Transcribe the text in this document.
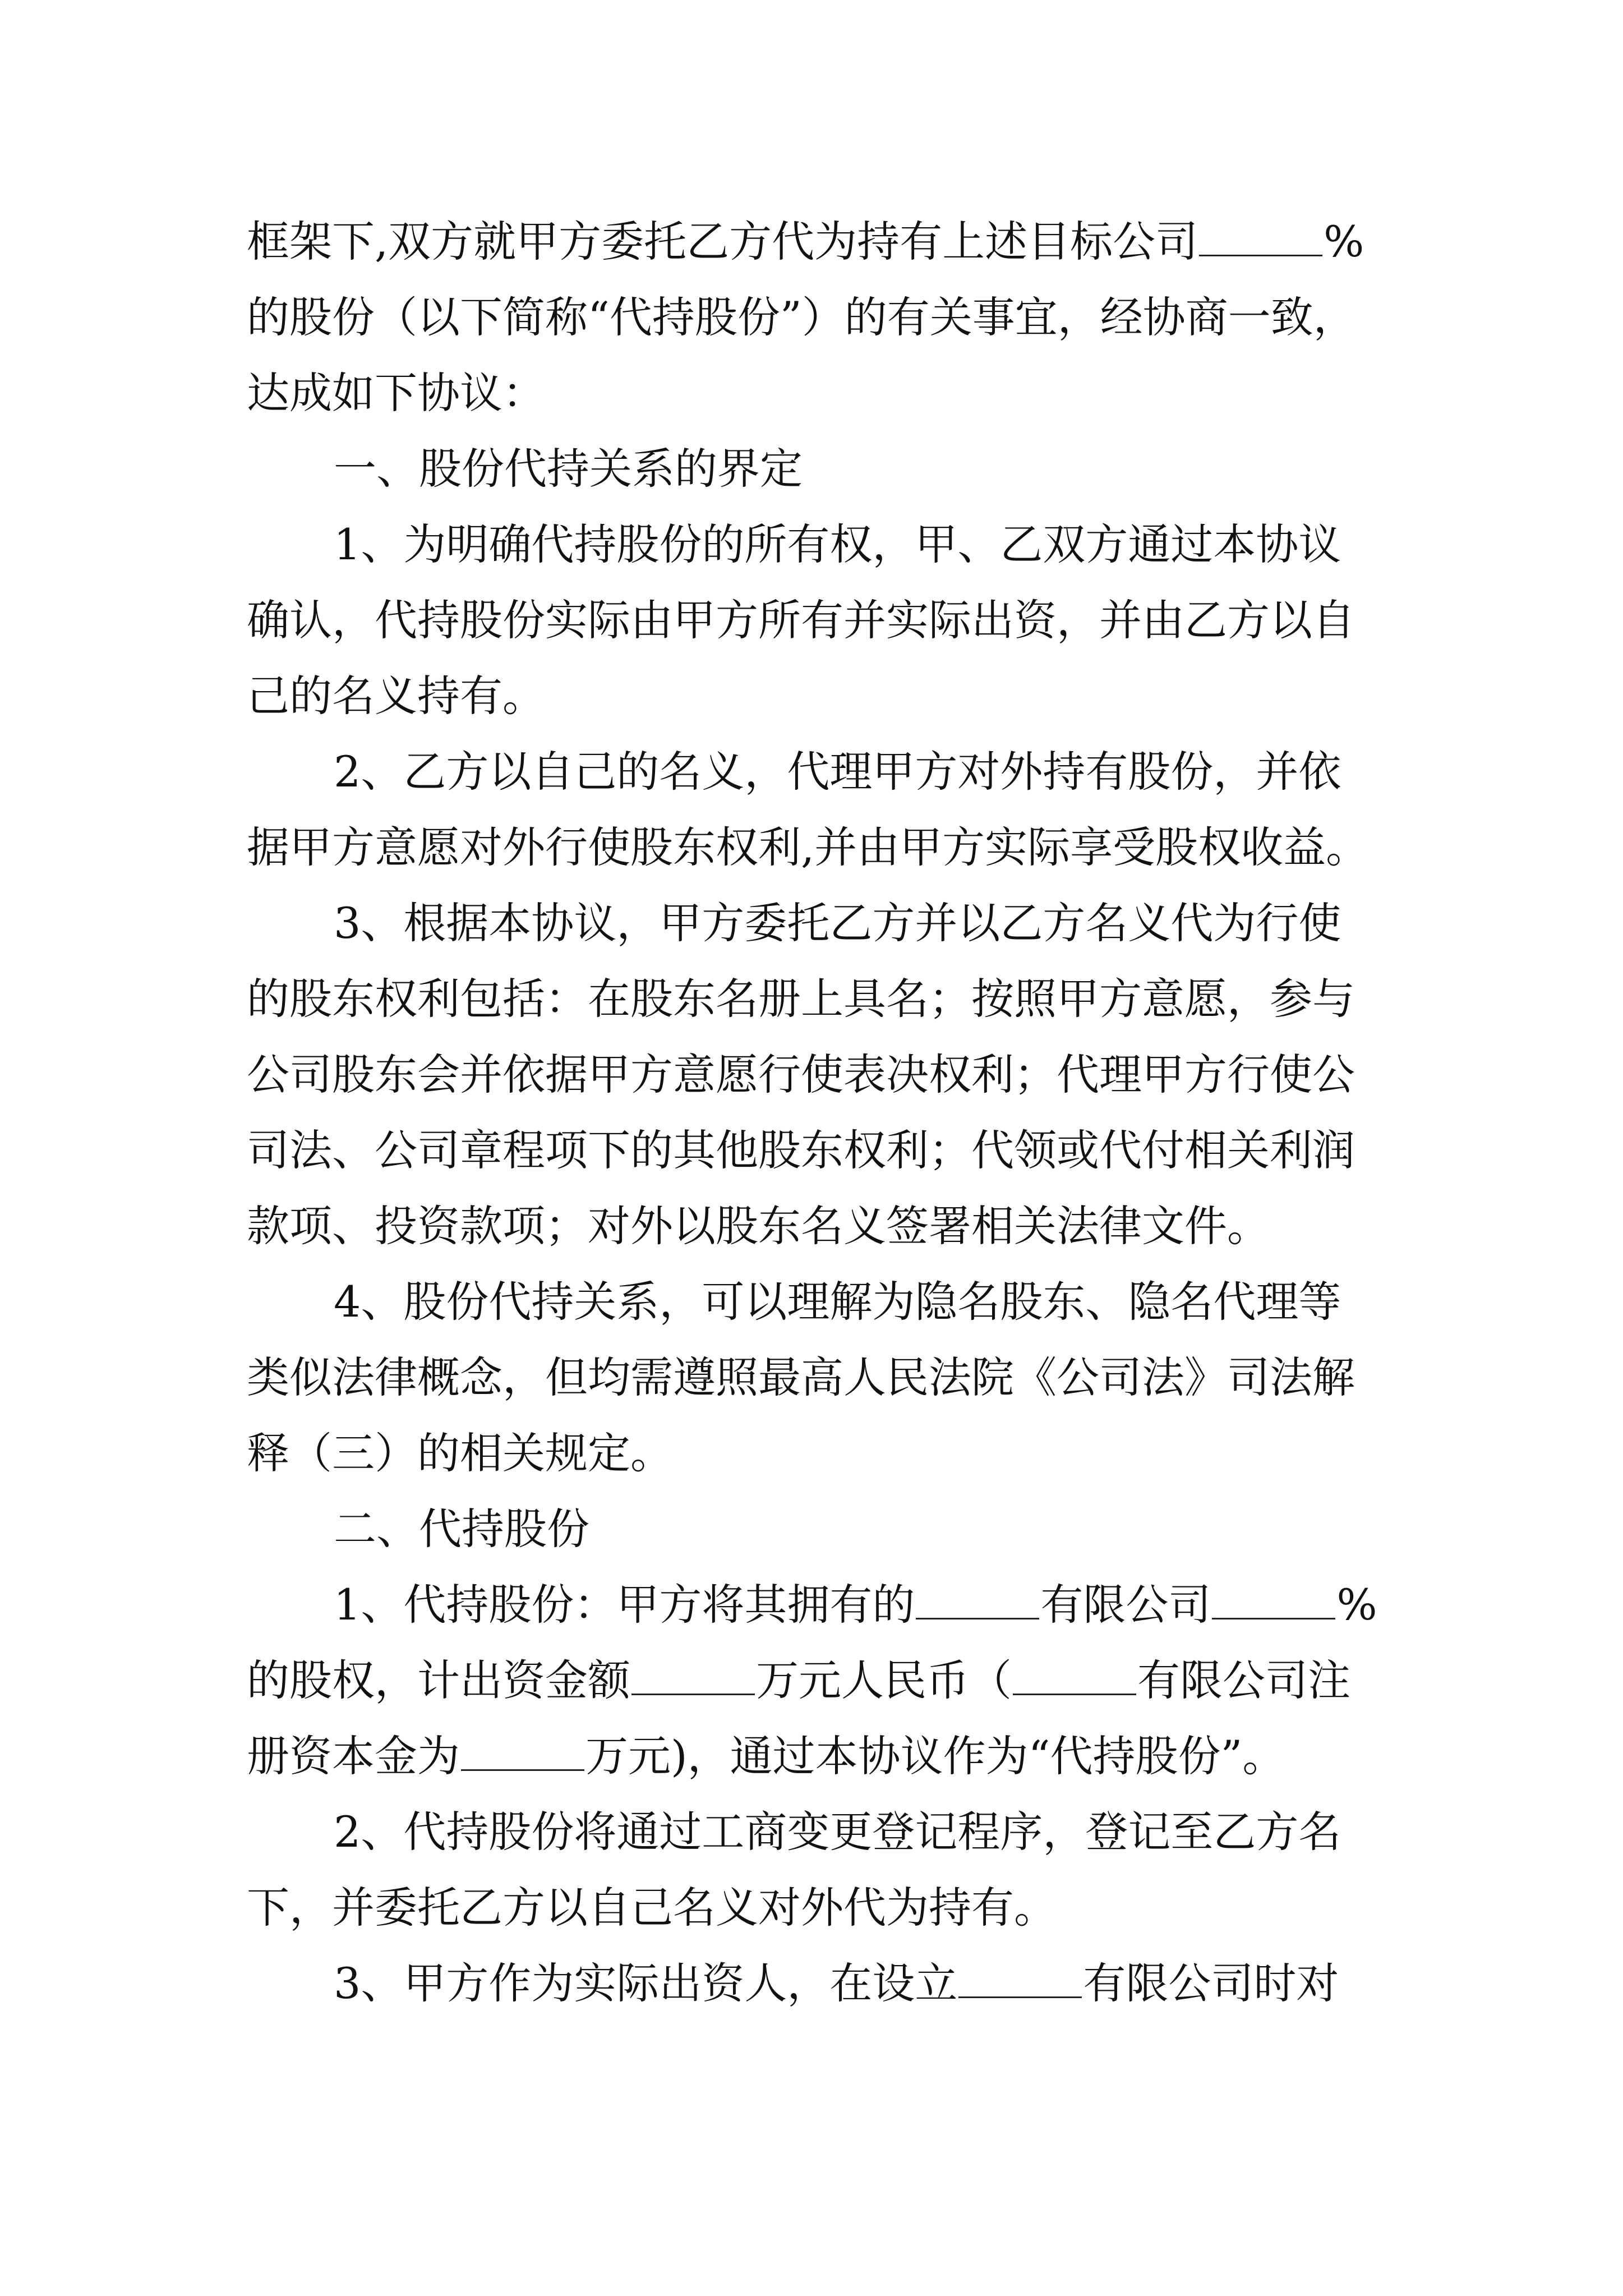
框架下,双方就甲方委托乙方代为持有上述目标公司	%
的股份（以下简称“代持股份”）的有关事宜，经协商一致，
达成如下协议：
一、股份代持关系的界定
1、为明确代持股份的所有权，甲、乙双方通过本协议
确认，代持股份实际由甲方所有并实际出资，并由乙方以自
己的名义持有。
2、乙方以自己的名义，代理甲方对外持有股份，并依
据甲方意愿对外行使股东权利,并由甲方实际享受股权收益。
3、根据本协议，甲方委托乙方并以乙方名义代为行使
的股东权利包括：在股东名册上具名；按照甲方意愿，参与
公司股东会并依据甲方意愿行使表决权利；代理甲方行使公
司法、公司章程项下的其他股东权利；代领或代付相关利润
款项、投资款项；对外以股东名义签署相关法律文件。
4、股份代持关系，可以理解为隐名股东、隐名代理等
类似法律概念，但均需遵照最高人民法院《公司法》司法解
释（三）的相关规定。
二、代持股份
1、代持股份：甲方将其拥有的	有限公司	%
的股权，计出资金额	万元人民币（	有限公司注
册资本金为	万元)，通过本协议作为“代持股份”。
2、代持股份将通过工商变更登记程序，登记至乙方名
下，并委托乙方以自己名义对外代为持有。
3、甲方作为实际出资人，在设立	有限公司时对
